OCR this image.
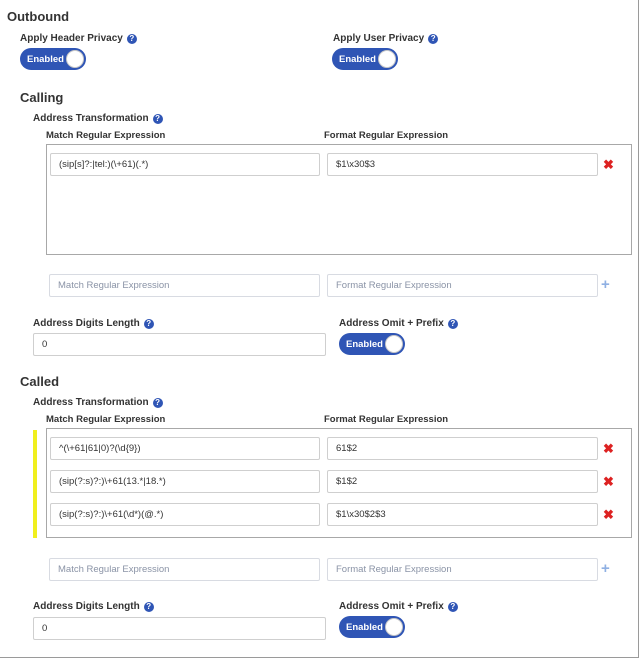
Outbound
Apply Header Privacy ?
Enabled
Apply User Privacy ?
Enabled
Calling
Address Transformation ?
Match Regular Expression	Format Regular Expression
(sip[s]?:|tel:)(\+61)(.*)	$1\x30$3	✖
Match Regular Expression	Format Regular Expression	+
Address Digits Length ?
0
Address Omit + Prefix ?
Enabled
Called
Address Transformation ?
Match Regular Expression	Format Regular Expression
^(\+61|61|0)?(\d{9})	61$2	✖
(sip(?:s)?:)\+61(13.*|18.*)	$1$2	✖
(sip(?:s)?:)\+61(\d*)(@.*)	$1\x30$2$3	✖
Match Regular Expression	Format Regular Expression	+
Address Digits Length ?
0
Address Omit + Prefix ?
Enabled
